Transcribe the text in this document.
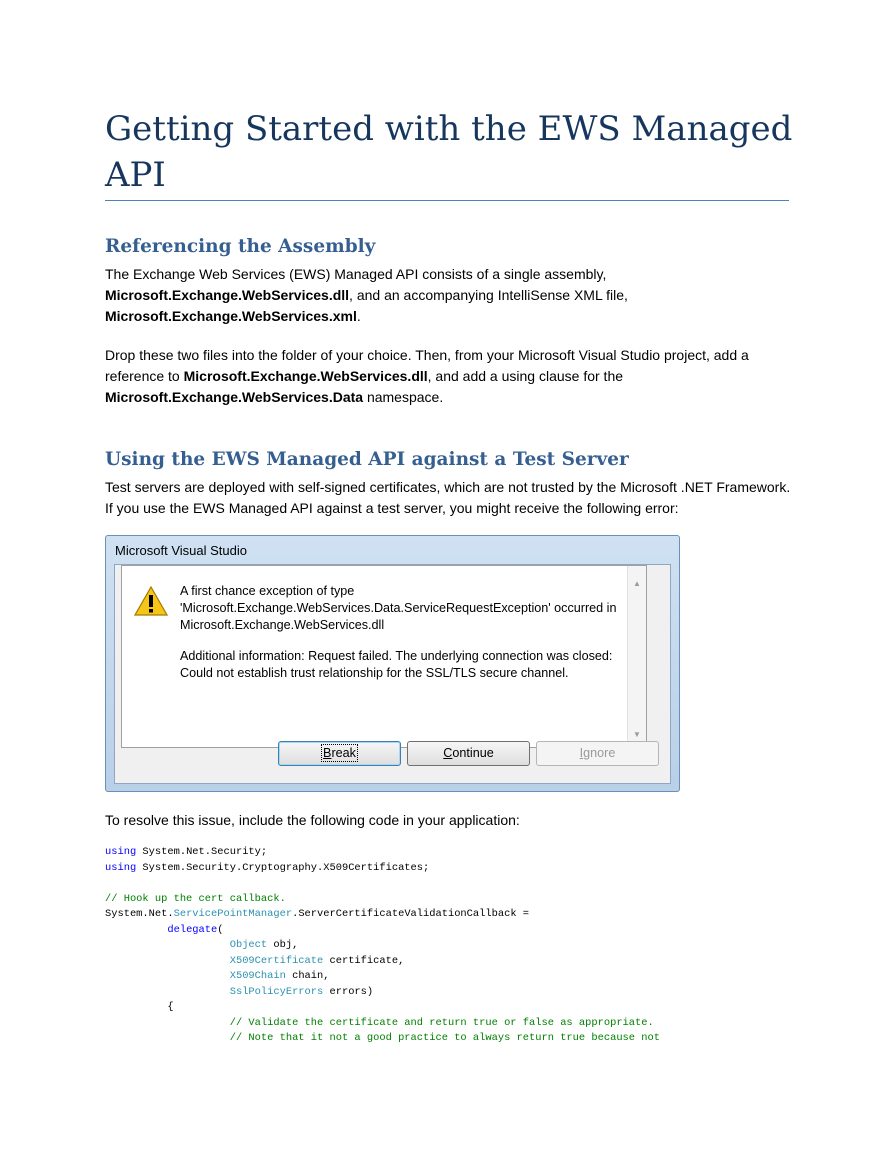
Getting Started with the EWS Managed API
Referencing the Assembly

The Exchange Web Services (EWS) Managed API consists of a single assembly,
Microsoft.Exchange.WebServices.dll, and an accompanying IntelliSense XML file,
Microsoft.Exchange.WebServices.xml.

Drop these two files into the folder of your choice. Then, from your Microsoft Visual Studio project, add a reference to Microsoft.Exchange.WebServices.dll, and add a using clause for the
Microsoft.Exchange.WebServices.Data namespace.

Using the EWS Managed API against a Test Server

Test servers are deployed with self-signed certificates, which are not trusted by the Microsoft .NET Framework. If you use the EWS Managed API against a test server, you might receive the following error:

Microsoft Visual Studio

A first chance exception of type

'Microsoft.Exchange.WebServices.Data.ServiceRequestException' occurred in

Microsoft.Exchange.WebServices.dll

Additional information: Request failed. The underlying connection was closed:

Could not establish trust relationship for the SSL/TLS secure channel.

▲
▼
Break	Continue	Ignore

To resolve this issue, include the following code in your application:

using System.Net.Security;
using System.Security.Cryptography.X509Certificates;

// Hook up the cert callback.
System.Net.ServicePointManager.ServerCertificateValidationCallback =
delegate(
Object obj,
X509Certificate certificate,
X509Chain chain,
SslPolicyErrors errors)
{
// Validate the certificate and return true or false as appropriate.
// Note that it not a good practice to always return true because not
